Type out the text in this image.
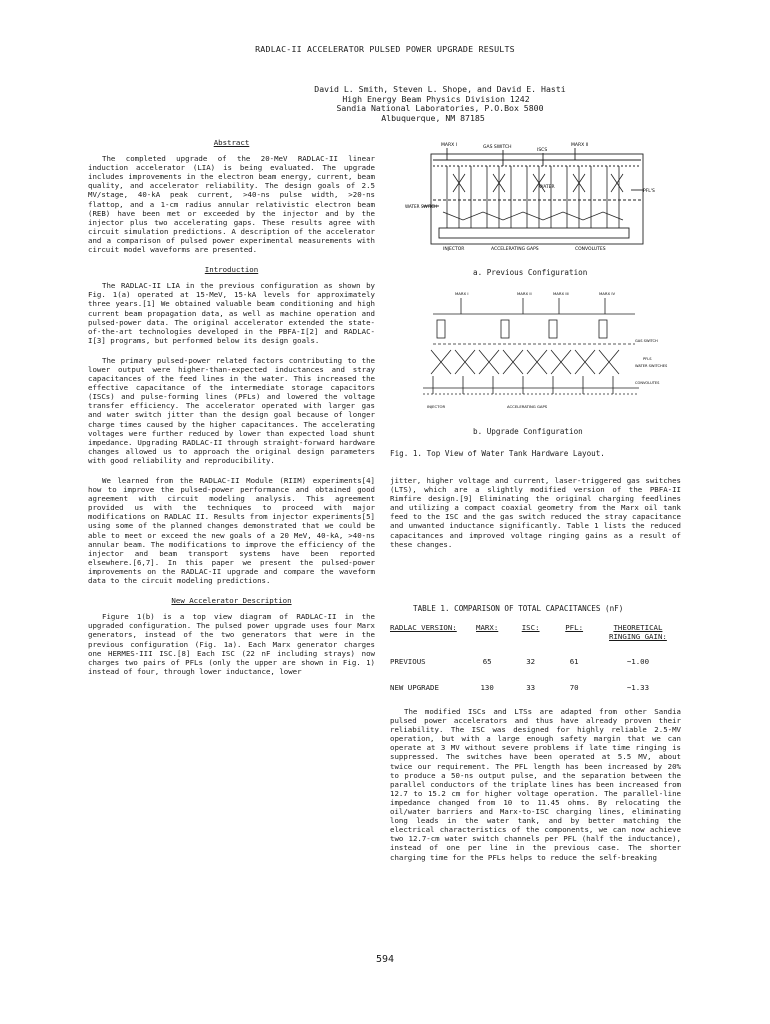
RADLAC-II ACCELERATOR PULSED POWER UPGRADE RESULTS
David L. Smith, Steven L. Shope, and David E. Hasti
High Energy Beam Physics Division 1242
Sandia National Laboratories, P.O.Box 5800
Albuquerque, NM 87185
Abstract

The completed upgrade of the 20-MeV RADLAC-II linear induction accelerator (LIA) is being evaluated. The upgrade includes improvements in the electron beam energy, current, beam quality, and accelerator reliability. The design goals of 2.5 MV/stage, 40-kA peak current, >40-ns pulse width, >20-ns flattop, and a 1-cm radius annular relativistic electron beam (REB) have been met or exceeded by the injector and by the injector plus two accelerating gaps. These results agree with circuit simulation predictions. A description of the accelerator and a comparison of pulsed power experimental measurements with circuit model waveforms are presented.

Introduction

The RADLAC-II LIA in the previous configuration as shown by Fig. 1(a) operated at 15-MeV, 15-kA levels for approximately three years.[1] We obtained valuable beam conditioning and high current beam propagation data, as well as machine operation and pulsed-power data. The original accelerator extended the state-of-the-art technologies developed in the PBFA-I[2] and RADLAC-I[3] programs, but performed below its design goals.

The primary pulsed-power related factors contributing to the lower output were higher-than-expected inductances and stray capacitances of the feed lines in the water. This increased the effective capacitance of the intermediate storage capacitors (ISCs) and pulse-forming lines (PFLs) and lowered the voltage transfer efficiency. The accelerator operated with larger gas and water switch jitter than the design goal because of longer charge times caused by the higher capacitances. The accelerating voltages were further reduced by lower than expected load shunt impedance. Upgrading RADLAC-II through straight-forward hardware changes allowed us to approach the original design parameters with good reliability and reproducibility.

We learned from the RADLAC-II Module (RIIM) experiments[4] how to improve the pulsed-power performance and obtained good agreement with circuit modeling analysis. This agreement provided us with the techniques to proceed with major modifications on RADLAC II. Results from injector experiments[5] using some of the planned changes demonstrated that we could be able to meet or exceed the new goals of a 20 MeV, 40-kA, >40-ns annular beam. The modifications to improve the efficiency of the injector and beam transport systems have been reported elsewhere.[6,7]. In this paper we present the pulsed-power improvements on the RADLAC-II upgrade and compare the waveform data to the circuit modeling predictions.

New Accelerator Description

Figure 1(b) is a top view diagram of RADLAC-II in the upgraded configuration. The pulsed power upgrade uses four Marx generators, instead of the two generators that were in the previous configuration (Fig. 1a). Each Marx generator charges one HERMES-III ISC.[8] Each ISC (22 nF including strays) now charges two pairs of PFLs (only the upper are shown in Fig. 1) instead of four, through lower inductance, lower

MARX I	GAS SWITCH
ISCS
MARX II
WATER
WATER SWITCH
PFL'S
INJECTOR	ACCELERATING GAPS	CONVOLUTES
a. Previous Configuration
MARX I	MARX II	MARX III	MARX IV
GAS SWITCH
PFLS
WATER SWITCHES
CONVOLUTES
INJECTOR	ACCELERATING GAPS
b. Upgrade Configuration
Fig. 1. Top View of Water Tank Hardware Layout.

jitter, higher voltage and current, laser-triggered gas switches (LTS), which are a slightly modified version of the PBFA-II Rimfire design.[9] Eliminating the original charging feedlines and utilizing a compact coaxial geometry from the Marx oil tank feed to the ISC and the gas switch reduced the stray capacitance and unwanted inductance significantly. Table 1 lists the reduced capacitances and improved voltage ringing gains as a result of these changes.

TABLE 1. COMPARISON OF TOTAL CAPACITANCES (nF)
RADLAC VERSION:	MARX:	ISC:	PFL:	THEORETICAL RINGING GAIN:

PREVIOUS	65	32	61	~1.00

NEW UPGRADE	130	33	70	~1.33

The modified ISCs and LTSs are adapted from other Sandia pulsed power accelerators and thus have already proven their reliability. The ISC was designed for highly reliable 2.5-MV operation, but with a large enough safety margin that we can operate at 3 MV without severe problems if late time ringing is suppressed. The switches have been operated at 5.5 MV, about twice our requirement. The PFL length has been increased by 20% to produce a 50-ns output pulse, and the separation between the parallel conductors of the triplate lines has been increased from 12.7 to 15.2 cm for higher voltage operation. The parallel-line impedance changed from 10 to 11.45 ohms. By relocating the oil/water barriers and Marx-to-ISC charging lines, eliminating long leads in the water tank, and by better matching the electrical characteristics of the components, we can now achieve two 12.7-cm water switch channels per PFL (half the inductance), instead of one per line in the previous case. The shorter charging time for the PFLs helps to reduce the self-breaking

594
